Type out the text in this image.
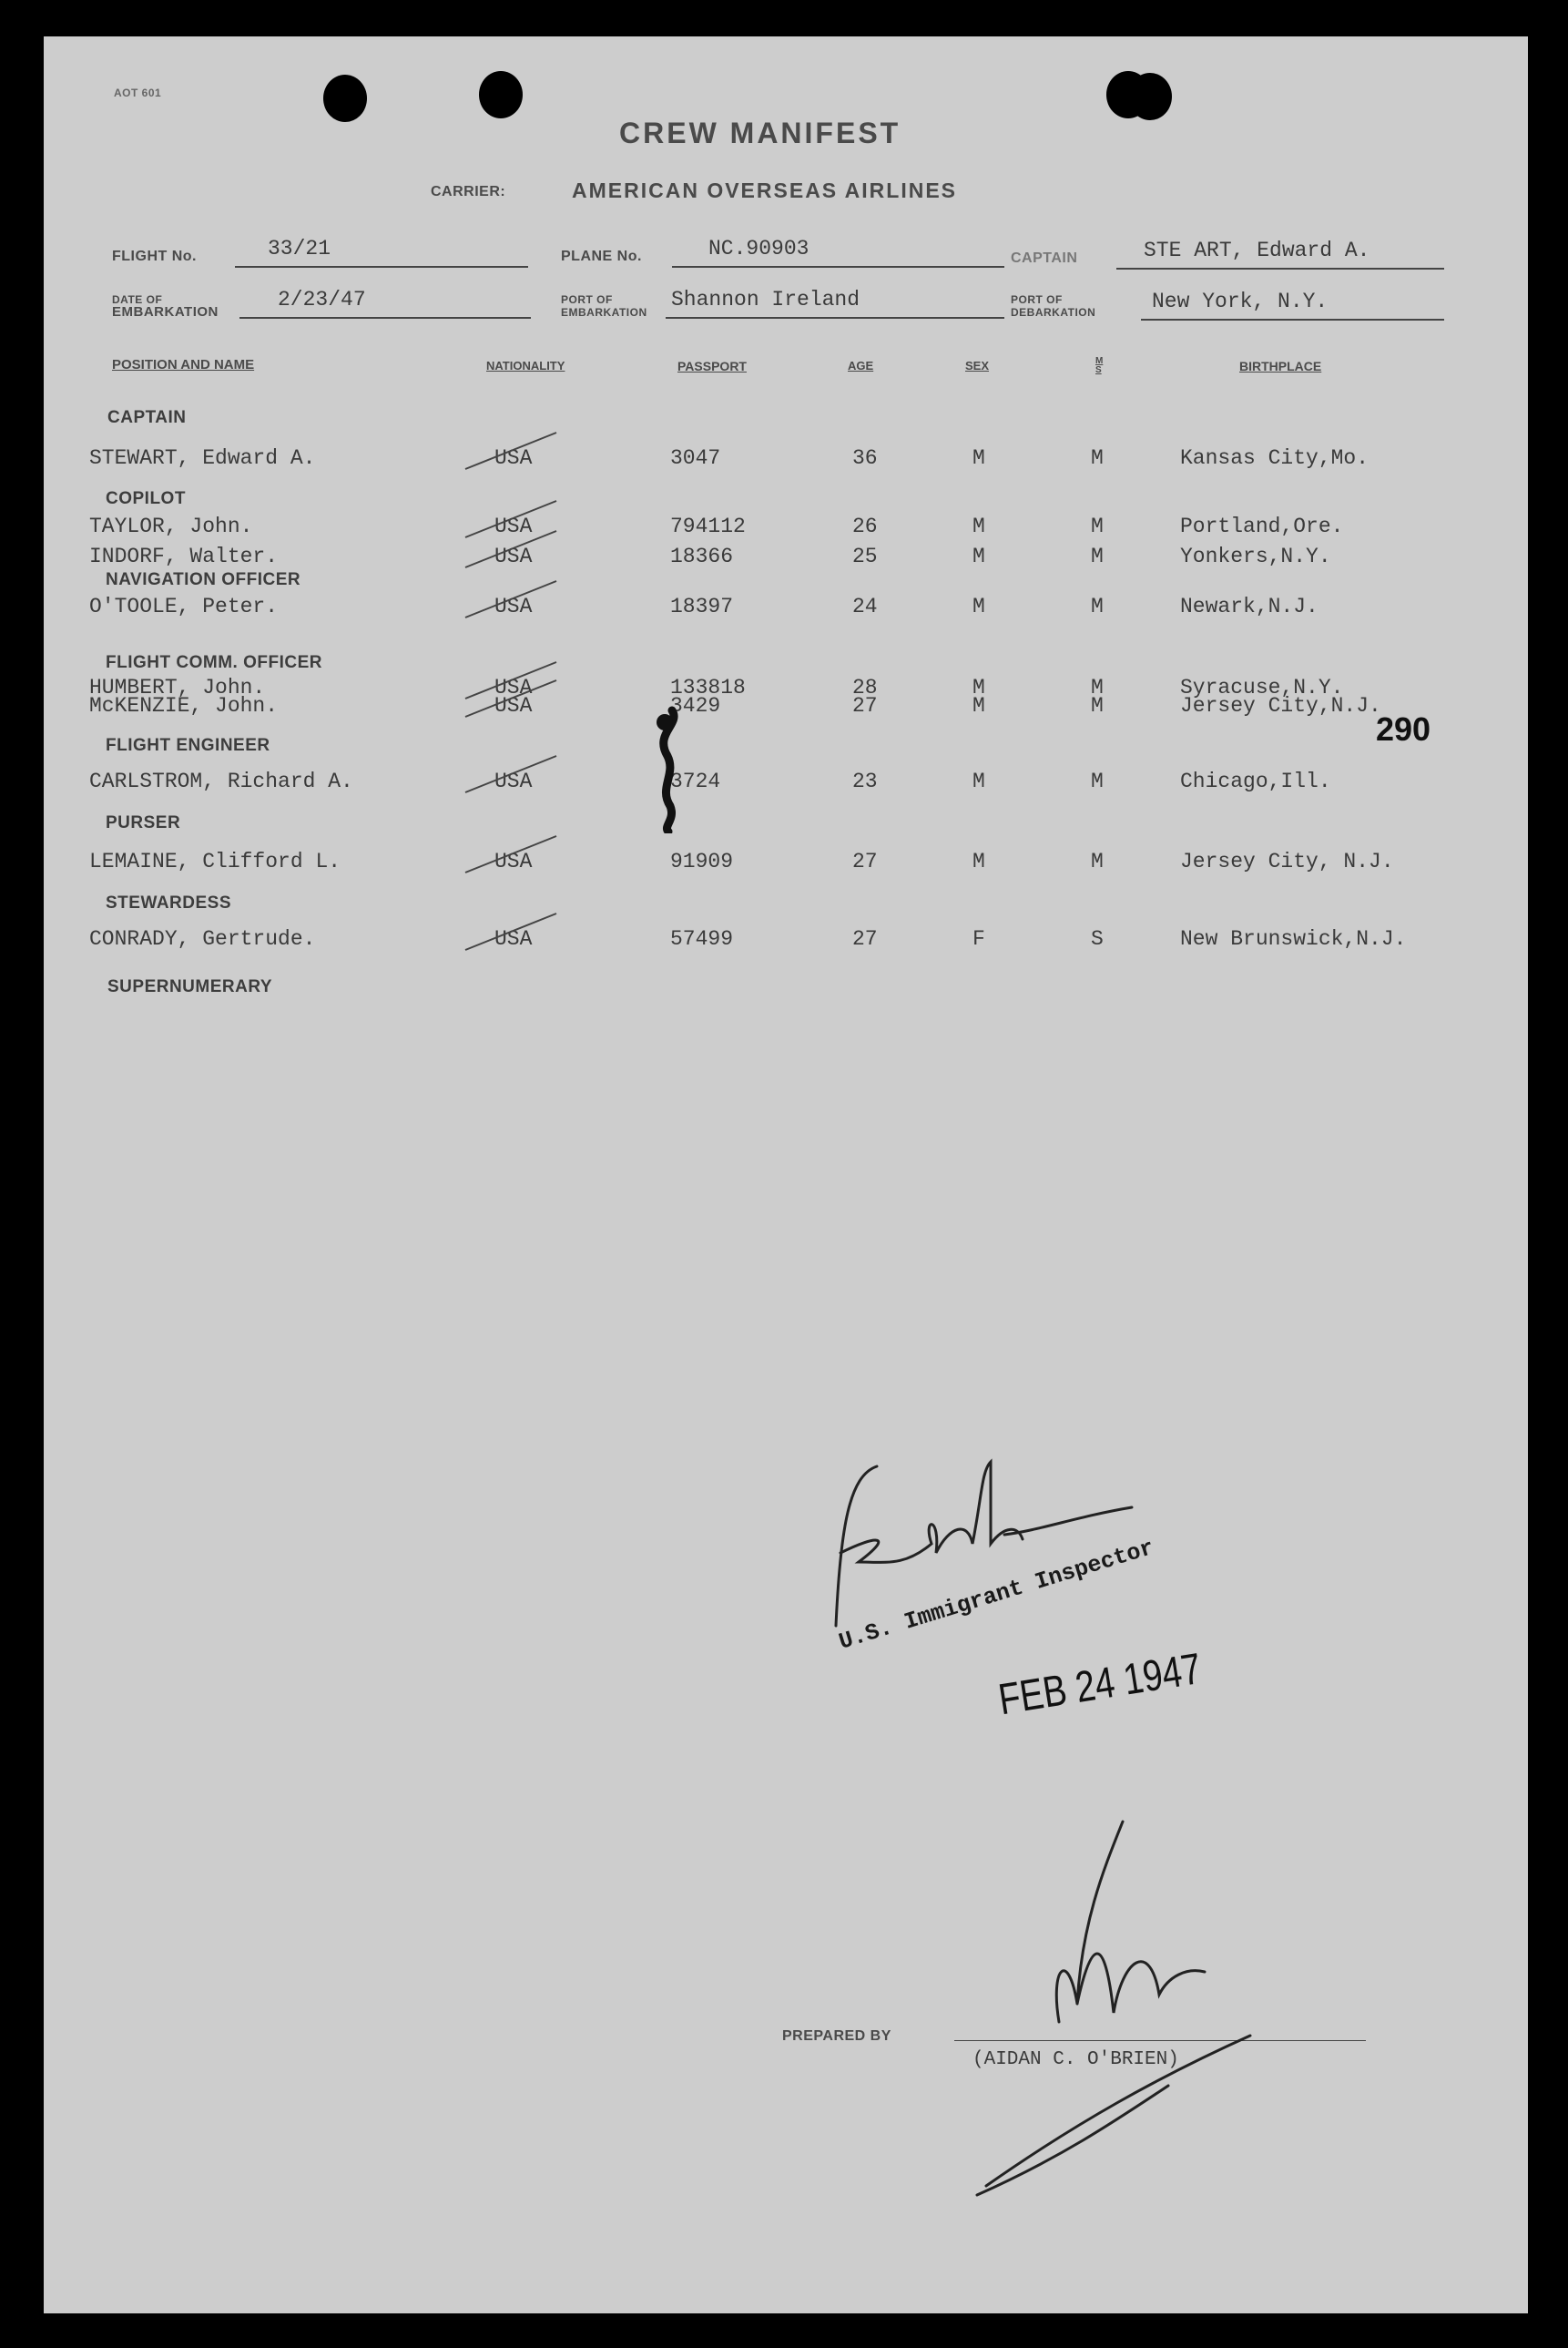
AOT 601
CREW MANIFEST
CARRIER:	AMERICAN OVERSEAS AIRLINES
FLIGHT No.	33/21	PLANE No.	NC.90903	CAPTAIN	STE ART, Edward A.
DATE OF
EMBARKATION
2/23/47	PORT OF
EMBARKATION
Shannon Ireland	PORT OF
DEBARKATION	New York, N.Y.
POSITION AND NAME	NATIONALITY	PASSPORT	AGE	SEX	M S	BIRTHPLACE
CAPTAIN
STEWART, Edward A.	USA	3047	36	M	M	Kansas City,Mo.
COPILOT
TAYLOR, John.	USA	794112	26	M	M	Portland,Ore.
INDORF, Walter.	USA	18366	25	M	M	Yonkers,N.Y.
NAVIGATION OFFICER
O'TOOLE, Peter.	USA	18397	24	M	M	Newark,N.J.
FLIGHT COMM. OFFICER
HUMBERT, John.	USA	133818	28	M	M	Syracuse,N.Y.
McKENZIE, John.	USA	3429	27	M	M	Jersey City,N.J.
FLIGHT ENGINEER
CARLSTROM, Richard A.	USA	3724	23	M	M	Chicago,Ill.
PURSER
LEMAINE, Clifford L.	USA	91909	27	M	M	Jersey City, N.J.
STEWARDESS
CONRADY, Gertrude.	USA	57499	27	F	S	New Brunswick,N.J.
SUPERNUMERARY
290
U.S. Immigrant Inspector
FEB 24 1947
PREPARED BY
(AIDAN C. O'BRIEN)
